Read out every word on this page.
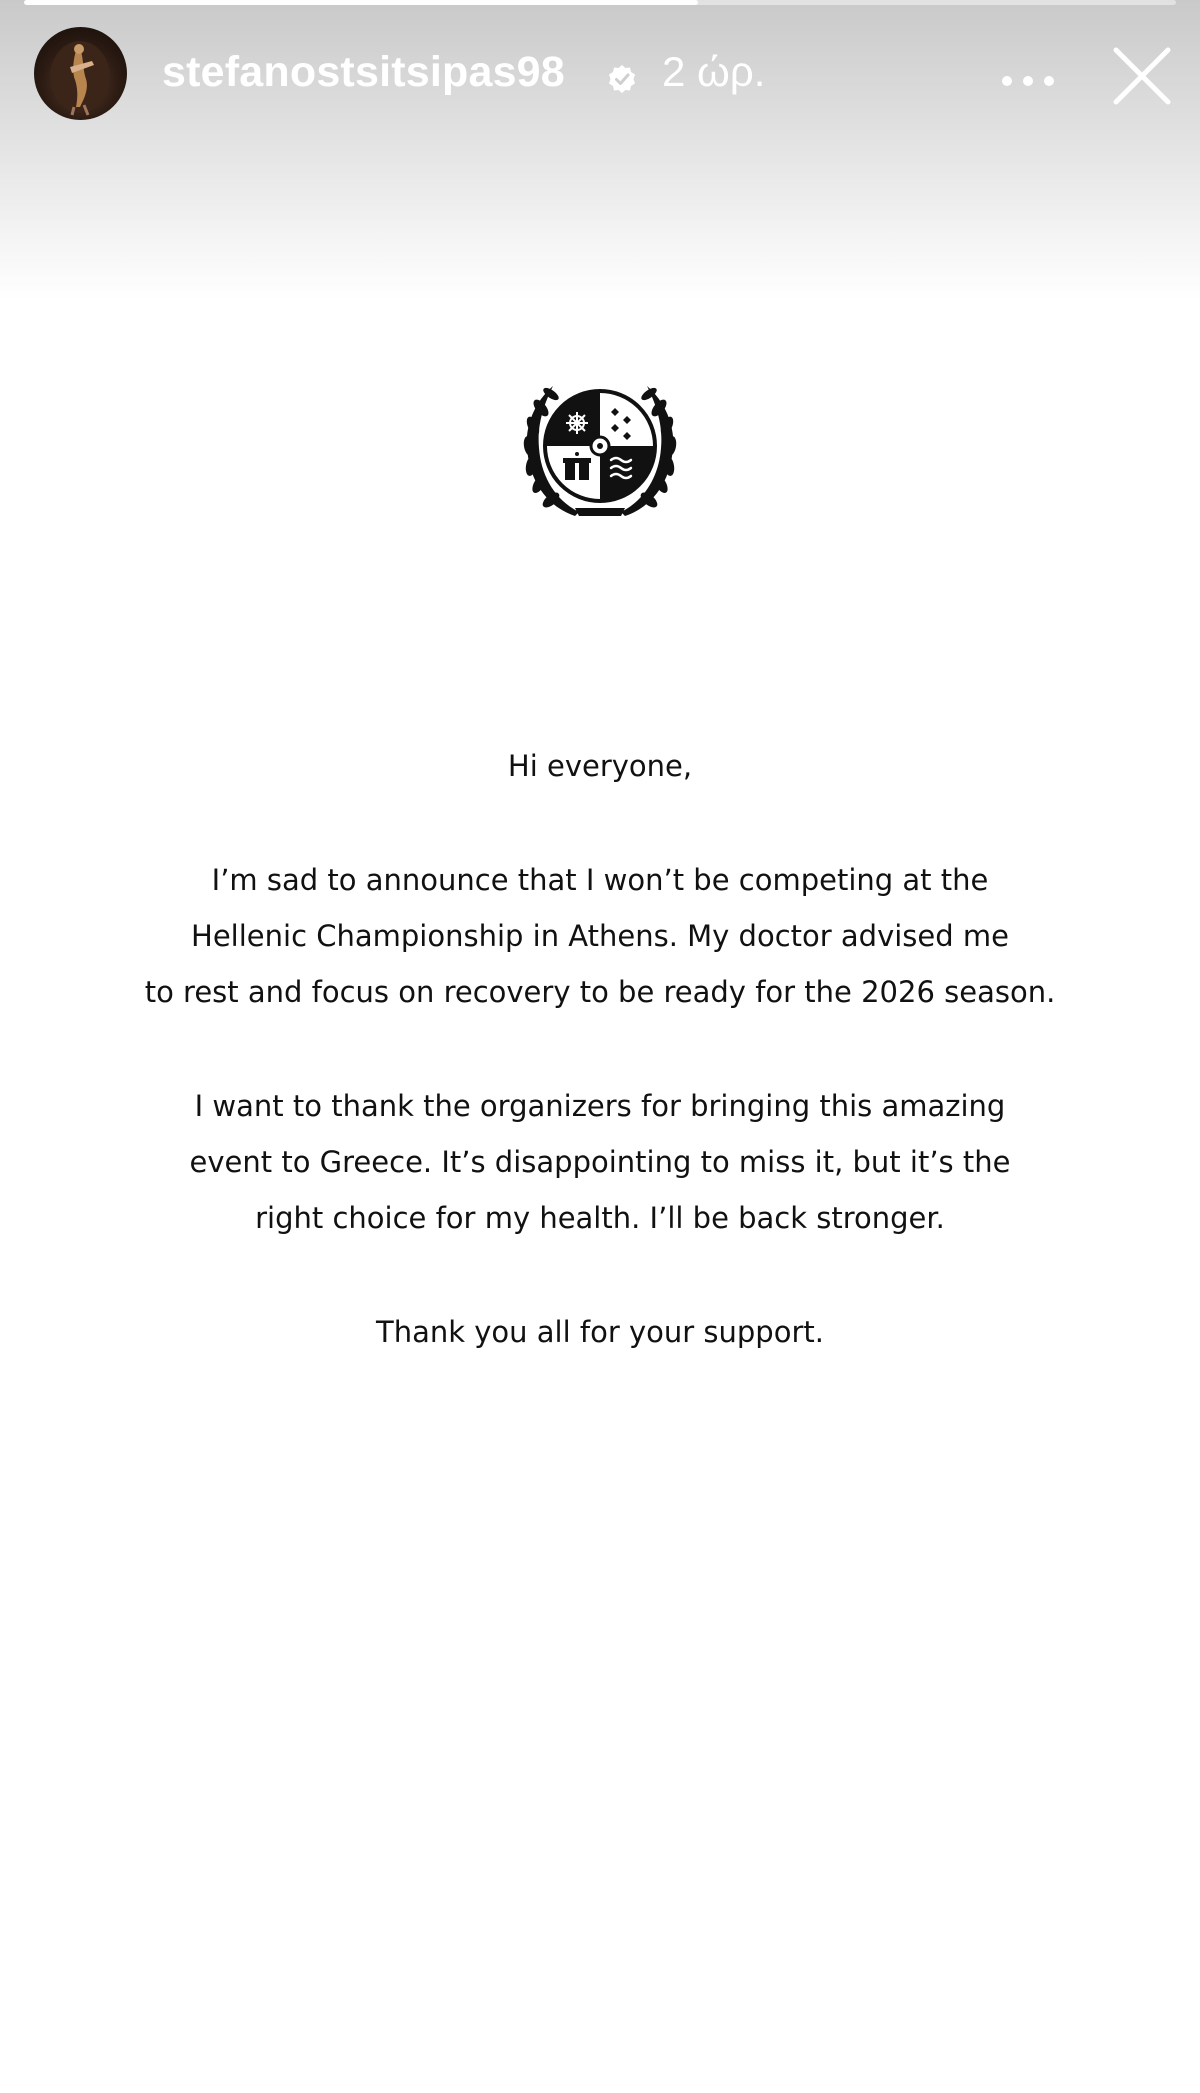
stefanostsitsipas98 2 ώρ.

Hi everyone,

I’m sad to announce that I won’t be competing at the
Hellenic Championship in Athens. My doctor advised me
to rest and focus on recovery to be ready for the 2026 season.

I want to thank the organizers for bringing this amazing
event to Greece. It’s disappointing to miss it, but it’s the
right choice for my health. I’ll be back stronger.

Thank you all for your support.
